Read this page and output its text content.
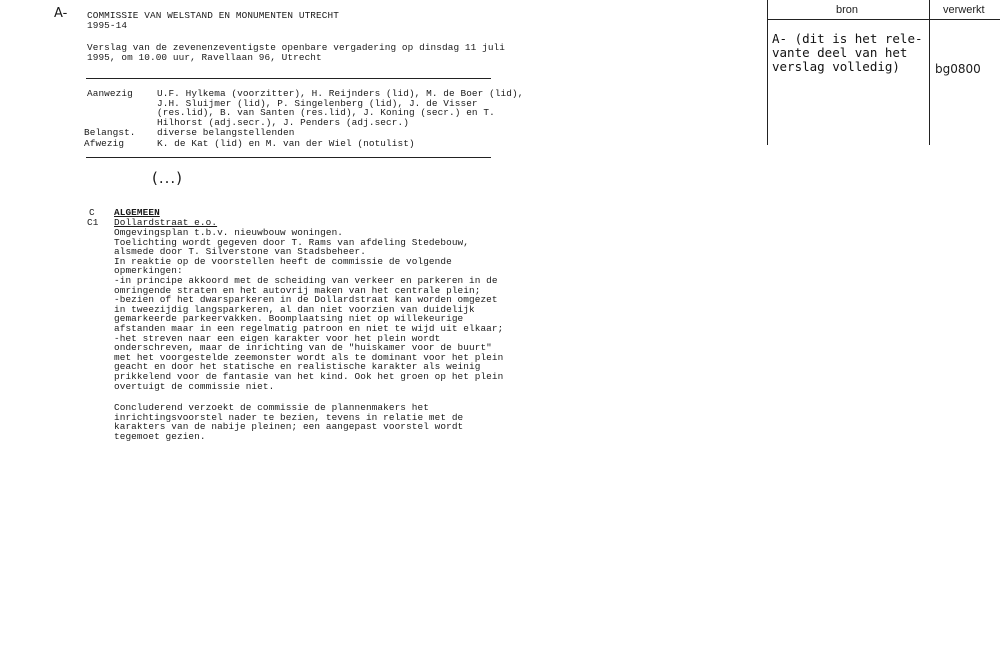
A- COMMISSIE VAN WELSTAND EN MONUMENTEN UTRECHT
1995-14
Verslag van de zevenenzeventigste openbare vergadering op dinsdag 11 juli
1995, om 10.00 uur, Ravellaan 96, Utrecht
Aanwezig	U.F. Hylkema (voorzitter), H. Reijnders (lid), M. de Boer (lid),
J.H. Sluijmer (lid), P. Singelenberg (lid), J. de Visser
(res.lid), B. van Santen (res.lid), J. Koning (secr.) en T.
Hilhorst (adj.secr.), J. Penders (adj.secr.)
Belangst. diverse belangstellenden
Afwezig	K. de Kat (lid) en M. van der Wiel (notulist)
(...)
C ALGEMEEN
C1 Dollardstraat e.o.
Omgevingsplan t.b.v. nieuwbouw woningen.
Toelichting wordt gegeven door T. Rams van afdeling Stedebouw,
alsmede door T. Silverstone van Stadsbeheer.
In reaktie op de voorstellen heeft de commissie de volgende
opmerkingen:
-in principe akkoord met de scheiding van verkeer en parkeren in de
omringende straten en het autovrij maken van het centrale plein;
-bezien of het dwarsparkeren in de Dollardstraat kan worden omgezet
in tweezijdig langsparkeren, al dan niet voorzien van duidelijk
gemarkeerde parkeervakken. Boomplaatsing niet op willekeurige
afstanden maar in een regelmatig patroon en niet te wijd uit elkaar;
-het streven naar een eigen karakter voor het plein wordt
onderschreven, maar de inrichting van de "huiskamer voor de buurt"
met het voorgestelde zeemonster wordt als te dominant voor het plein
geacht en door het statische en realistische karakter als weinig
prikkelend voor de fantasie van het kind. Ook het groen op het plein
overtuigt de commissie niet.
Concluderend verzoekt de commissie de plannenmakers het
inrichtingsvoorstel nader te bezien, tevens in relatie met de
karakters van de nabije pleinen; een aangepast voorstel wordt
tegemoet gezien.
bron	verwerkt
A- (dit is het rele-
vante deel van het
verslag volledig)	bg0800
